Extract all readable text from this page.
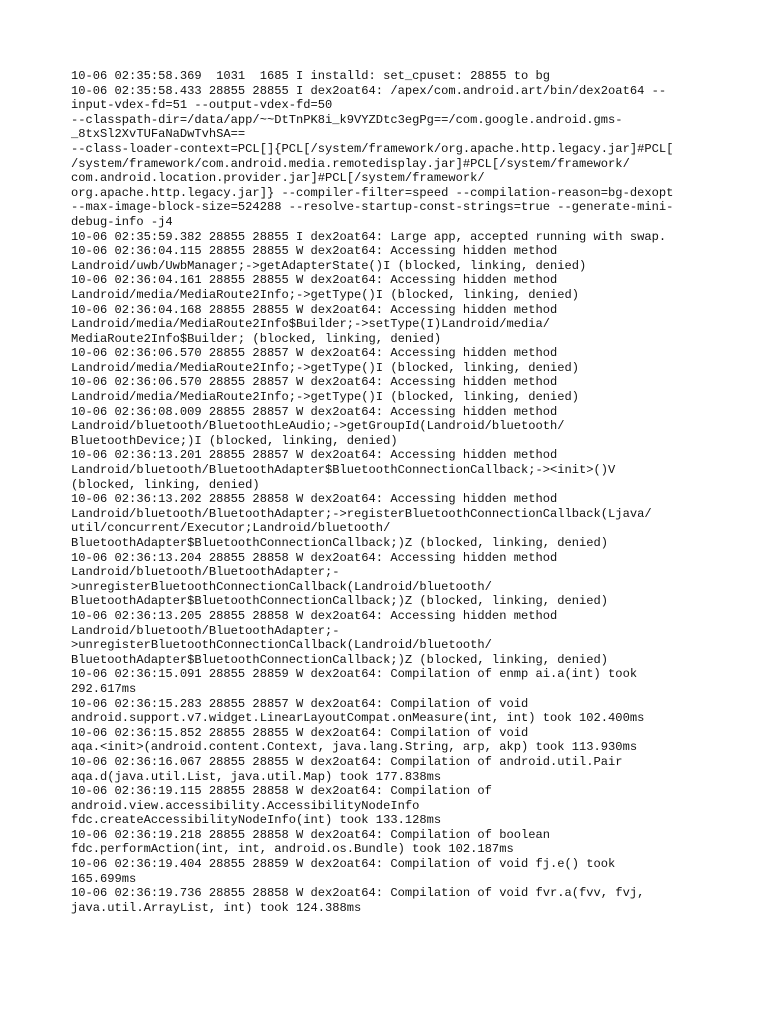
10-06 02:35:58.369  1031  1685 I installd: set_cpuset: 28855 to bg
10-06 02:35:58.433 28855 28855 I dex2oat64: /apex/com.android.art/bin/dex2oat64 --
input-vdex-fd=51 --output-vdex-fd=50
--classpath-dir=/data/app/~~DtTnPK8i_k9VYZDtc3egPg==/com.google.android.gms-
_8txSl2XvTUFaNaDwTvhSA==
--class-loader-context=PCL[]{PCL[/system/framework/org.apache.http.legacy.jar]#PCL[
/system/framework/com.android.media.remotedisplay.jar]#PCL[/system/framework/
com.android.location.provider.jar]#PCL[/system/framework/
org.apache.http.legacy.jar]} --compiler-filter=speed --compilation-reason=bg-dexopt
--max-image-block-size=524288 --resolve-startup-const-strings=true --generate-mini-
debug-info -j4
10-06 02:35:59.382 28855 28855 I dex2oat64: Large app, accepted running with swap.
10-06 02:36:04.115 28855 28855 W dex2oat64: Accessing hidden method
Landroid/uwb/UwbManager;->getAdapterState()I (blocked, linking, denied)
10-06 02:36:04.161 28855 28855 W dex2oat64: Accessing hidden method
Landroid/media/MediaRoute2Info;->getType()I (blocked, linking, denied)
10-06 02:36:04.168 28855 28855 W dex2oat64: Accessing hidden method
Landroid/media/MediaRoute2Info$Builder;->setType(I)Landroid/media/
MediaRoute2Info$Builder; (blocked, linking, denied)
10-06 02:36:06.570 28855 28857 W dex2oat64: Accessing hidden method
Landroid/media/MediaRoute2Info;->getType()I (blocked, linking, denied)
10-06 02:36:06.570 28855 28857 W dex2oat64: Accessing hidden method
Landroid/media/MediaRoute2Info;->getType()I (blocked, linking, denied)
10-06 02:36:08.009 28855 28857 W dex2oat64: Accessing hidden method
Landroid/bluetooth/BluetoothLeAudio;->getGroupId(Landroid/bluetooth/
BluetoothDevice;)I (blocked, linking, denied)
10-06 02:36:13.201 28855 28857 W dex2oat64: Accessing hidden method
Landroid/bluetooth/BluetoothAdapter$BluetoothConnectionCallback;-><init>()V
(blocked, linking, denied)
10-06 02:36:13.202 28855 28858 W dex2oat64: Accessing hidden method
Landroid/bluetooth/BluetoothAdapter;->registerBluetoothConnectionCallback(Ljava/
util/concurrent/Executor;Landroid/bluetooth/
BluetoothAdapter$BluetoothConnectionCallback;)Z (blocked, linking, denied)
10-06 02:36:13.204 28855 28858 W dex2oat64: Accessing hidden method
Landroid/bluetooth/BluetoothAdapter;-
>unregisterBluetoothConnectionCallback(Landroid/bluetooth/
BluetoothAdapter$BluetoothConnectionCallback;)Z (blocked, linking, denied)
10-06 02:36:13.205 28855 28858 W dex2oat64: Accessing hidden method
Landroid/bluetooth/BluetoothAdapter;-
>unregisterBluetoothConnectionCallback(Landroid/bluetooth/
BluetoothAdapter$BluetoothConnectionCallback;)Z (blocked, linking, denied)
10-06 02:36:15.091 28855 28859 W dex2oat64: Compilation of enmp ai.a(int) took
292.617ms
10-06 02:36:15.283 28855 28857 W dex2oat64: Compilation of void
android.support.v7.widget.LinearLayoutCompat.onMeasure(int, int) took 102.400ms
10-06 02:36:15.852 28855 28855 W dex2oat64: Compilation of void
aqa.<init>(android.content.Context, java.lang.String, arp, akp) took 113.930ms
10-06 02:36:16.067 28855 28855 W dex2oat64: Compilation of android.util.Pair
aqa.d(java.util.List, java.util.Map) took 177.838ms
10-06 02:36:19.115 28855 28858 W dex2oat64: Compilation of
android.view.accessibility.AccessibilityNodeInfo
fdc.createAccessibilityNodeInfo(int) took 133.128ms
10-06 02:36:19.218 28855 28858 W dex2oat64: Compilation of boolean
fdc.performAction(int, int, android.os.Bundle) took 102.187ms
10-06 02:36:19.404 28855 28859 W dex2oat64: Compilation of void fj.e() took
165.699ms
10-06 02:36:19.736 28855 28858 W dex2oat64: Compilation of void fvr.a(fvv, fvj,
java.util.ArrayList, int) took 124.388ms
